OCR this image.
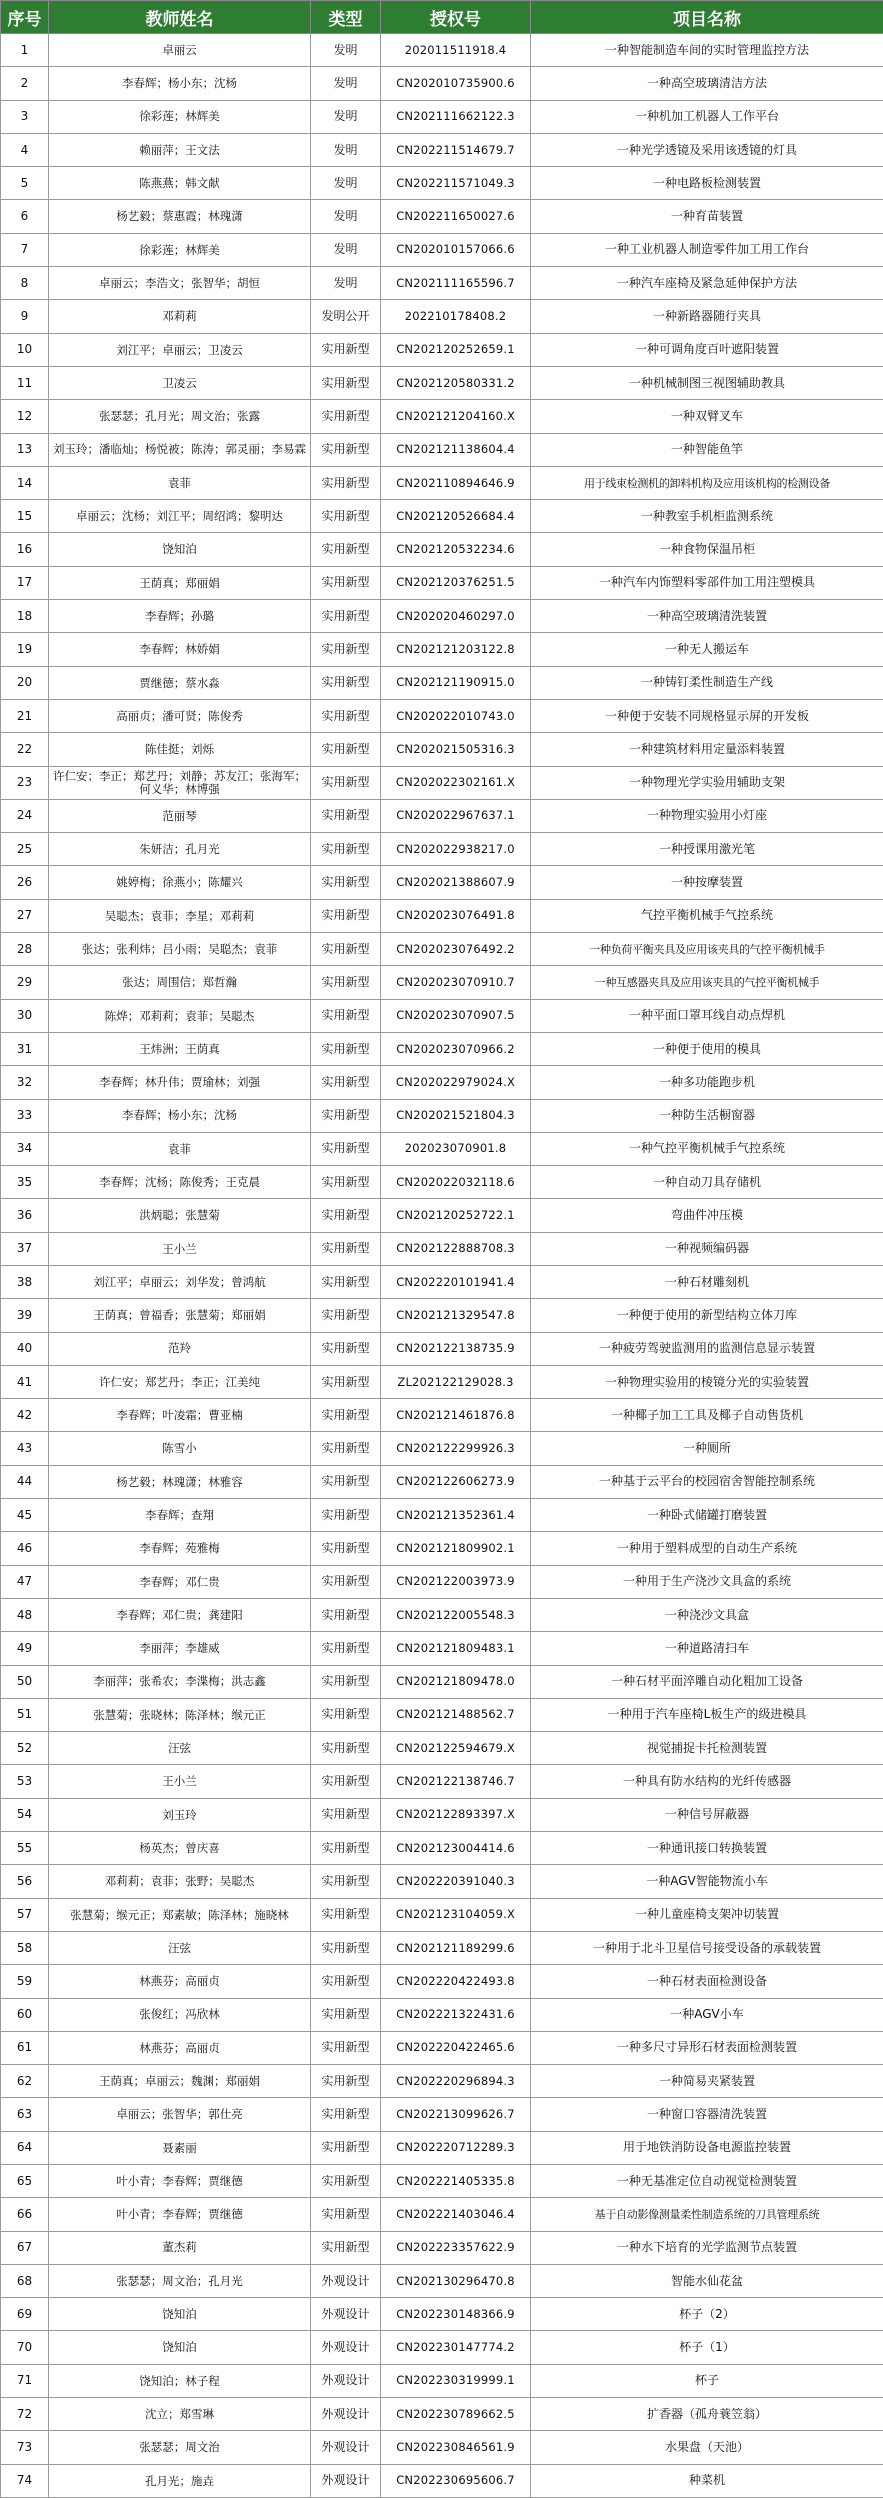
序号	教师姓名	类型	授权号	项目名称
1	卓丽云	发明	202011511918.4	一种智能制造车间的实时管理监控方法
2	李春辉；杨小东；沈杨	发明	CN202010735900.6	一种高空玻璃清洁方法
3	徐彩莲；林辉美	发明	CN202111662122.3	一种机加工机器人工作平台
4	赖丽萍；王文法	发明	CN202211514679.7	一种光学透镜及采用该透镜的灯具
5	陈燕燕；韩文献	发明	CN202211571049.3	一种电路板检测装置
6	杨艺毅；蔡惠霞；林瑰潇	发明	CN202211650027.6	一种育苗装置
7	徐彩莲；林辉美	发明	CN202010157066.6	一种工业机器人制造零件加工用工作台
8	卓丽云；李浩文；张智华；胡恒	发明	CN202111165596.7	一种汽车座椅及紧急延伸保护方法
9	邓莉莉	发明公开	202210178408.2	一种新路器随行夹具
10	刘江平；卓丽云；卫凌云	实用新型	CN202120252659.1	一种可调角度百叶遮阳装置
11	卫凌云	实用新型	CN202120580331.2	一种机械制图三视图辅助教具
12	张瑟瑟；孔月光；周文治；张露	实用新型	CN202121204160.X	一种双臂叉车
13	刘玉玲；潘临灿；杨悦被；陈涛；郭灵丽；李易霖	实用新型	CN202121138604.4	一种智能鱼竿
14	袁菲	实用新型	CN202110894646.9	用于线束检测机的卸料机构及应用该机构的检测设备
15	卓丽云；沈杨；刘江平；周绍鸿；黎明达	实用新型	CN202120526684.4	一种教室手机柜监测系统
16	饶知泊	实用新型	CN202120532234.6	一种食物保温吊柜
17	王荫真；郑丽娟	实用新型	CN202120376251.5	一种汽车内饰塑料零部件加工用注塑模具
18	李春辉；孙璐	实用新型	CN202020460297.0	一种高空玻璃清洗装置
19	李春辉；林娇娟	实用新型	CN202121203122.8	一种无人搬运车
20	贾继德；蔡水淼	实用新型	CN202121190915.0	一种铸钉柔性制造生产线
21	高丽贞；潘可贤；陈俊秀	实用新型	CN202022010743.0	一种便于安装不同规格显示屏的开发板
22	陈佳挺；刘烁	实用新型	CN202021505316.3	一种建筑材料用定量添料装置
23	许仁安；李正；郑艺丹；刘静；苏友江；张海军；何义华；林博强	实用新型	CN202022302161.X	一种物理光学实验用辅助支架
24	范丽琴	实用新型	CN202022967637.1	一种物理实验用小灯座
25	朱妍洁；孔月光	实用新型	CN202022938217.0	一种授课用激光笔
26	姚婷梅；徐燕小；陈耀兴	实用新型	CN202021388607.9	一种按摩装置
27	吴聪杰；袁菲；李星；邓莉莉	实用新型	CN202023076491.8	气控平衡机械手气控系统
28	张达；张利炜；吕小雨；吴聪杰；袁菲	实用新型	CN202023076492.2	一种负荷平衡夹具及应用该夹具的气控平衡机械手
29	张达；周围信；郑哲瀚	实用新型	CN202023070910.7	一种互感器夹具及应用该夹具的气控平衡机械手
30	陈烨；邓莉莉；袁菲；吴聪杰	实用新型	CN202023070907.5	一种平面口罩耳线自动点焊机
31	王炜洲；王荫真	实用新型	CN202023070966.2	一种便于使用的模具
32	李春辉；林升伟；贾瑜林；刘强	实用新型	CN202022979024.X	一种多功能跑步机
33	李春辉；杨小东；沈杨	实用新型	CN202021521804.3	一种防生活橱窗器
34	袁菲	实用新型	202023070901.8	一种气控平衡机械手气控系统
35	李春辉；沈杨；陈俊秀；王克晨	实用新型	CN202022032118.6	一种自动刀具存储机
36	洪炳聪；张慧菊	实用新型	CN202120252722.1	弯曲件冲压模
37	王小兰	实用新型	CN202122888708.3	一种视频编码器
38	刘江平；卓丽云；刘华发；曾鸿航	实用新型	CN202220101941.4	一种石材雕刻机
39	王荫真；曾福香；张慧菊；郑丽娟	实用新型	CN202121329547.8	一种便于使用的新型结构立体刀库
40	范羚	实用新型	CN202122138735.9	一种疲劳驾驶监测用的监测信息显示装置
41	许仁安；郑艺丹；李正；江美纯	实用新型	ZL202122129028.3	一种物理实验用的棱镜分光的实验装置
42	李春辉；叶凌霜；曹亚楠	实用新型	CN202121461876.8	一种椰子加工工具及椰子自动售货机
43	陈雪小	实用新型	CN202122299926.3	一种厕所
44	杨艺毅；林瑰潇；林雅容	实用新型	CN202122606273.9	一种基于云平台的校园宿舍智能控制系统
45	李春辉；查翔	实用新型	CN202121352361.4	一种卧式储罐打磨装置
46	李春辉；苑雅梅	实用新型	CN202121809902.1	一种用于塑料成型的自动生产系统
47	李春辉；邓仁贵	实用新型	CN202122003973.9	一种用于生产浇沙文具盒的系统
48	李春辉；邓仁贵；龚建阳	实用新型	CN202122005548.3	一种浇沙文具盒
49	李丽萍；李雄威	实用新型	CN202121809483.1	一种道路清扫车
50	李丽萍；张希农；李渫梅；洪志鑫	实用新型	CN202121809478.0	一种石材平面淬雕自动化粗加工设备
51	张慧菊；张晓林；陈泽林；缑元正	实用新型	CN202121488562.7	一种用于汽车座椅L板生产的级进模具
52	汪弦	实用新型	CN202122594679.X	视觉捕捉卡托检测装置
53	王小兰	实用新型	CN202122138746.7	一种具有防水结构的光纤传感器
54	刘玉玲	实用新型	CN202122893397.X	一种信号屏蔽器
55	杨英杰；曾庆喜	实用新型	CN202123004414.6	一种通讯接口转换装置
56	邓莉莉；袁菲；张野；吴聪杰	实用新型	CN202220391040.3	一种AGV智能物流小车
57	张慧菊；缑元正；郑素敏；陈泽林；施晓林	实用新型	CN202123104059.X	一种儿童座椅支架冲切装置
58	汪弦	实用新型	CN202121189299.6	一种用于北斗卫星信号接受设备的承载装置
59	林燕芬；高丽贞	实用新型	CN202220422493.8	一种石材表面检测设备
60	张俊红；冯欣林	实用新型	CN202221322431.6	一种AGV小车
61	林燕芬；高丽贞	实用新型	CN202220422465.6	一种多尺寸异形石材表面检测装置
62	王荫真；卓丽云；魏渊；郑丽娟	实用新型	CN202220296894.3	一种简易夹紧装置
63	卓丽云；张智华；郭仕亮	实用新型	CN202213099626.7	一种窗口容器清洗装置
64	聂素丽	实用新型	CN202220712289.3	用于地铁消防设备电源监控装置
65	叶小青；李春辉；贾继德	实用新型	CN202221405335.8	一种无基准定位自动视觉检测装置
66	叶小青；李春辉；贾继德	实用新型	CN202221403046.4	基于自动影像测量柔性制造系统的刀具管理系统
67	董杰莉	实用新型	CN202223357622.9	一种水下培育的光学监测节点装置
68	张瑟瑟；周文治；孔月光	外观设计	CN202130296470.8	智能水仙花盆
69	饶知泊	外观设计	CN202230148366.9	杯子（2）
70	饶知泊	外观设计	CN202230147774.2	杯子（1）
71	饶知泊；林子程	外观设计	CN202230319999.1	杯子
72	沈立；郑雪琳	外观设计	CN202230789662.5	扩香器（孤舟蓑笠翁）
73	张瑟瑟；周文治	外观设计	CN202230846561.9	水果盘（天池）
74	孔月光；施垚	外观设计	CN202230695606.7	种菜机
